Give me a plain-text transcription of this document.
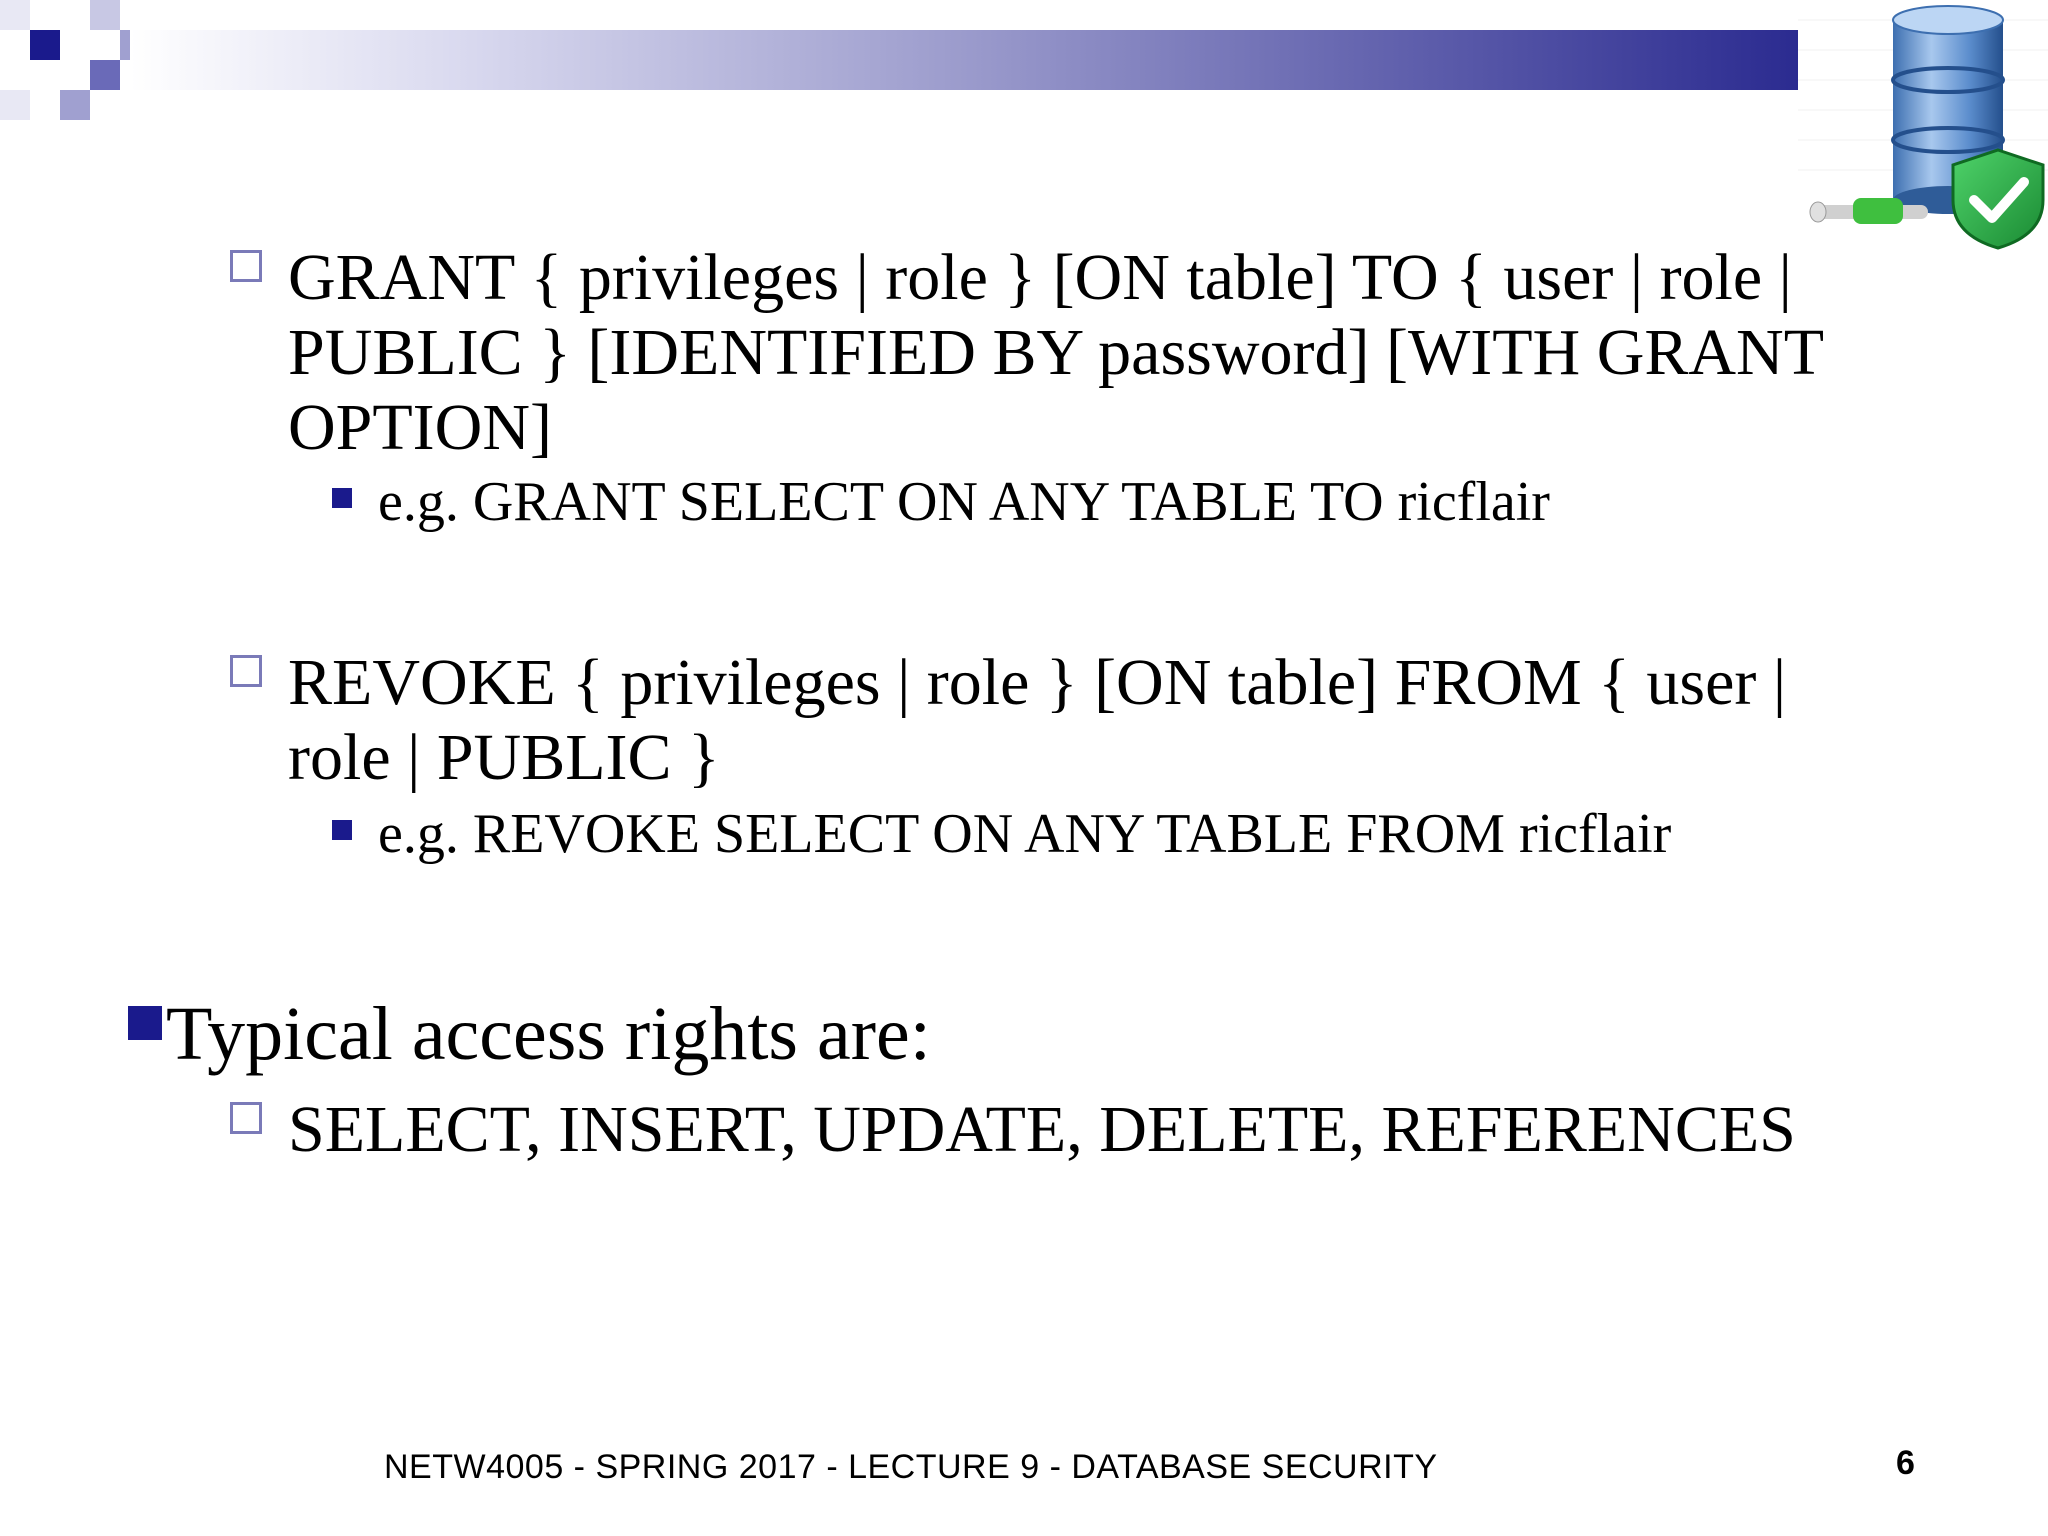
GRANT { privileges | role } [ON table] TO { user | role |
PUBLIC } [IDENTIFIED BY password] [WITH GRANT
OPTION]
e.g. GRANT SELECT ON ANY TABLE TO ricflair
REVOKE { privileges | role } [ON table] FROM { user |
role | PUBLIC }
e.g. REVOKE SELECT ON ANY TABLE FROM ricflair
Typical access rights are:
SELECT, INSERT, UPDATE, DELETE, REFERENCES
NETW4005 - SPRING 2017 - LECTURE 9 - DATABASE SECURITY	6
